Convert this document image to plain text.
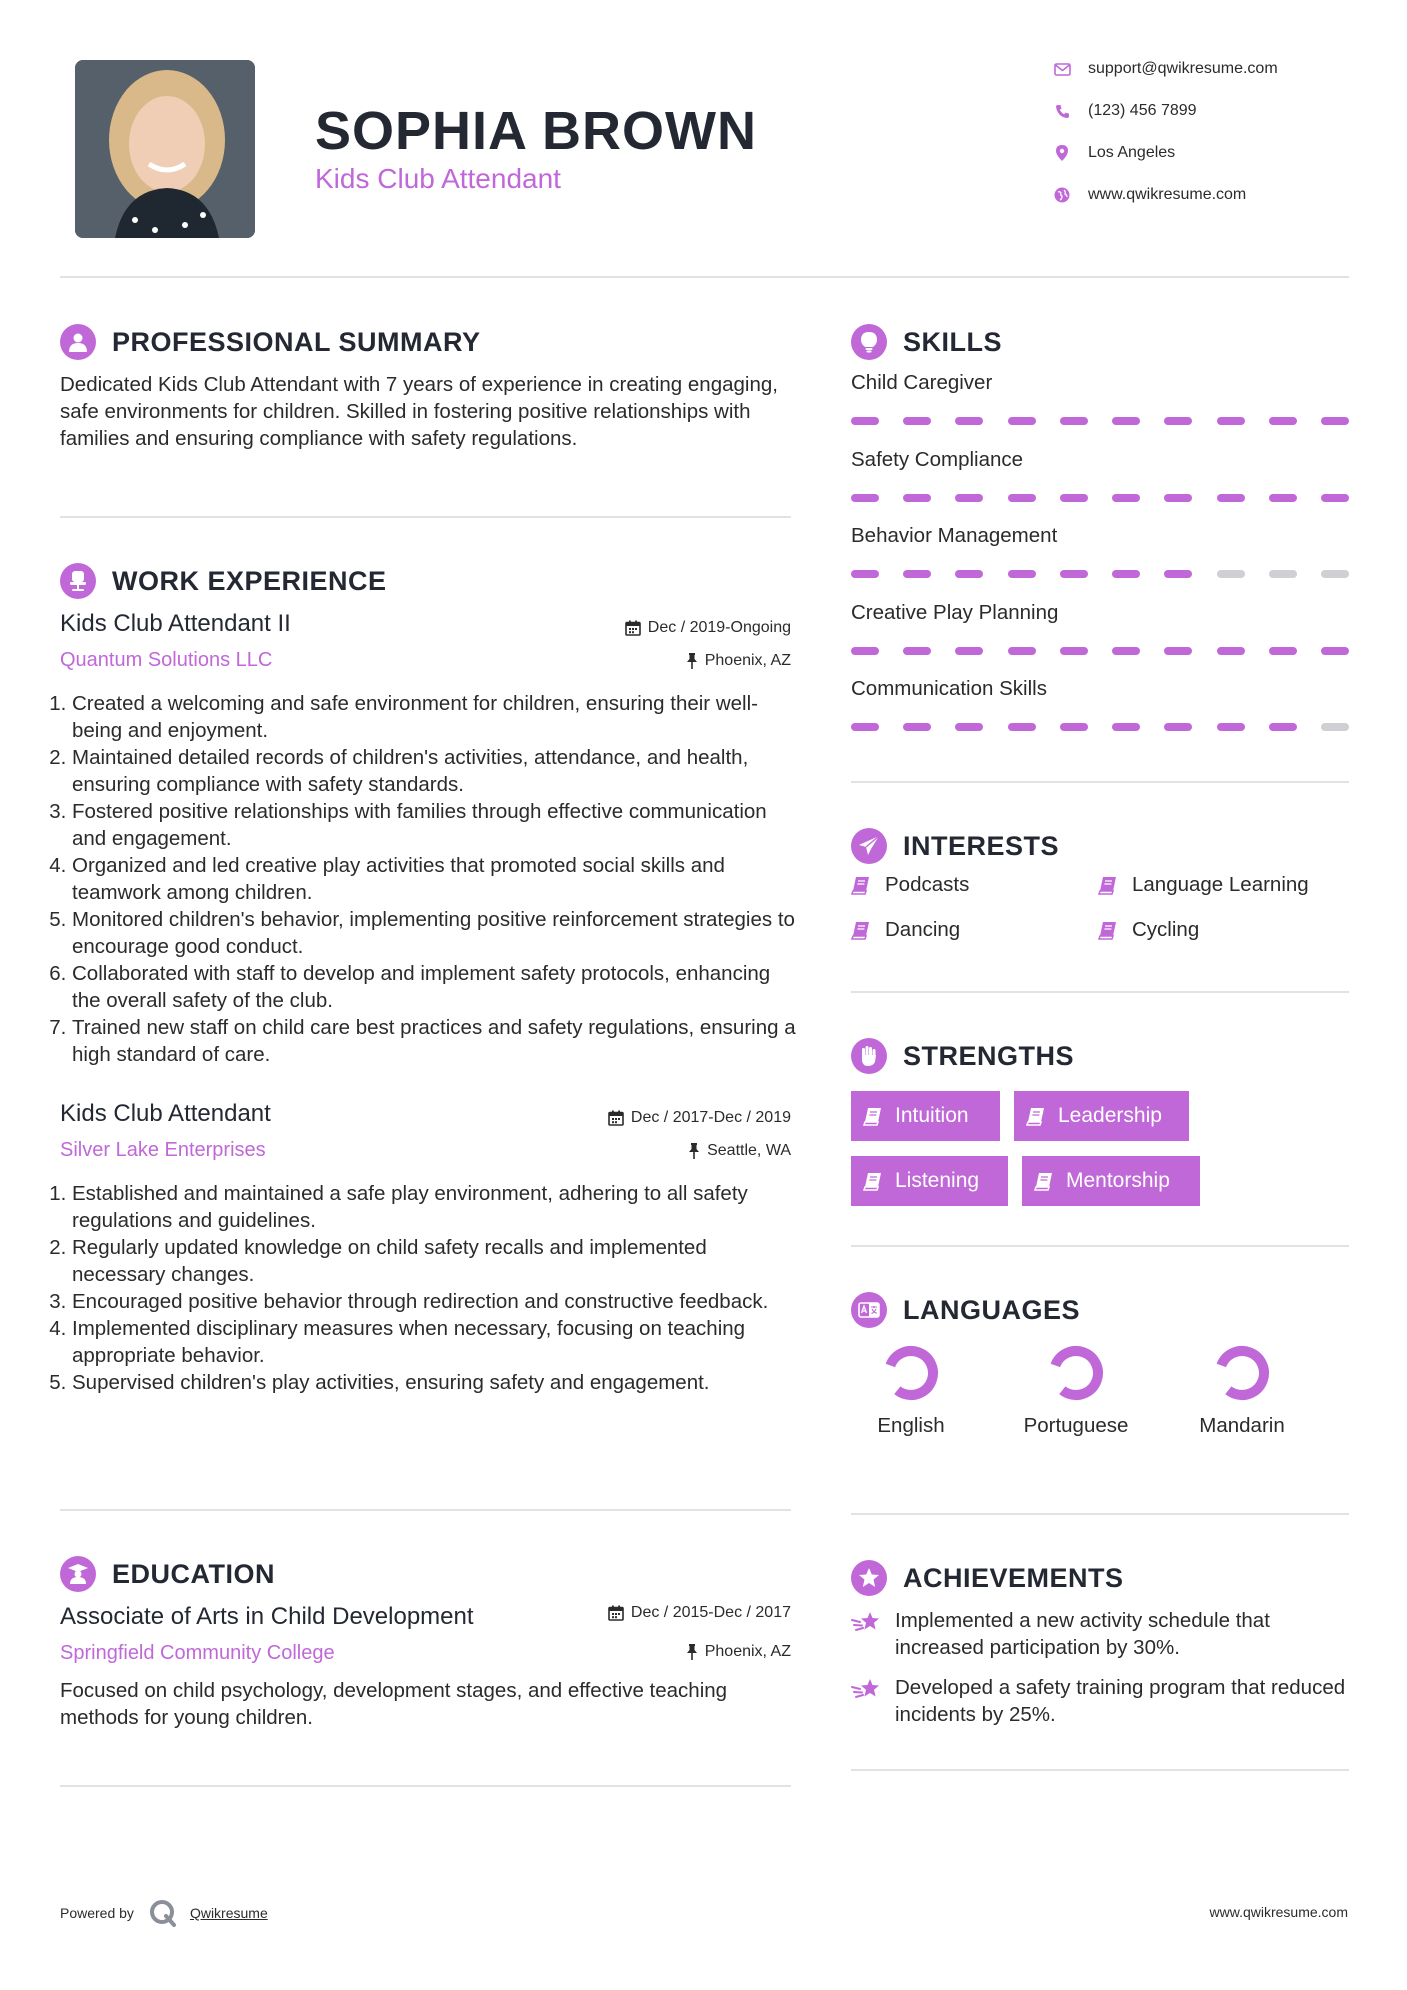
SOPHIA BROWN
Kids Club Attendant
support@qwikresume.com
(123) 456 7899
Los Angeles
www.qwikresume.com
PROFESSIONAL SUMMARY
Dedicated Kids Club Attendant with 7 years of experience in creating engaging, safe environments for children. Skilled in fostering positive relationships with families and ensuring compliance with safety regulations.
WORK EXPERIENCE
Kids Club Attendant II	Dec / 2019-Ongoing
Quantum Solutions LLC	Phoenix, AZ
1. Created a welcoming and safe environment for children, ensuring their well-being and enjoyment.
2. Maintained detailed records of children's activities, attendance, and health, ensuring compliance with safety standards.
3. Fostered positive relationships with families through effective communication and engagement.
4. Organized and led creative play activities that promoted social skills and teamwork among children.
5. Monitored children's behavior, implementing positive reinforcement strategies to encourage good conduct.
6. Collaborated with staff to develop and implement safety protocols, enhancing the overall safety of the club.
7. Trained new staff on child care best practices and safety regulations, ensuring a high standard of care.
Kids Club Attendant	Dec / 2017-Dec / 2019
Silver Lake Enterprises	Seattle, WA
1. Established and maintained a safe play environment, adhering to all safety regulations and guidelines.
2. Regularly updated knowledge on child safety recalls and implemented necessary changes.
3. Encouraged positive behavior through redirection and constructive feedback.
4. Implemented disciplinary measures when necessary, focusing on teaching appropriate behavior.
5. Supervised children's play activities, ensuring safety and engagement.
EDUCATION
Associate of Arts in Child Development	Dec / 2015-Dec / 2017
Springfield Community College	Phoenix, AZ
Focused on child psychology, development stages, and effective teaching methods for young children.
SKILLS
Child Caregiver
Safety Compliance
Behavior Management
Creative Play Planning
Communication Skills
INTERESTS
Podcasts	Language Learning
Dancing	Cycling
STRENGTHS
Intuition	Leadership
Listening	Mentorship
LANGUAGES
English	Portuguese	Mandarin
ACHIEVEMENTS
Implemented a new activity schedule that increased participation by 30%.
Developed a safety training program that reduced incidents by 25%.
Powered by	Qwikresume	www.qwikresume.com
